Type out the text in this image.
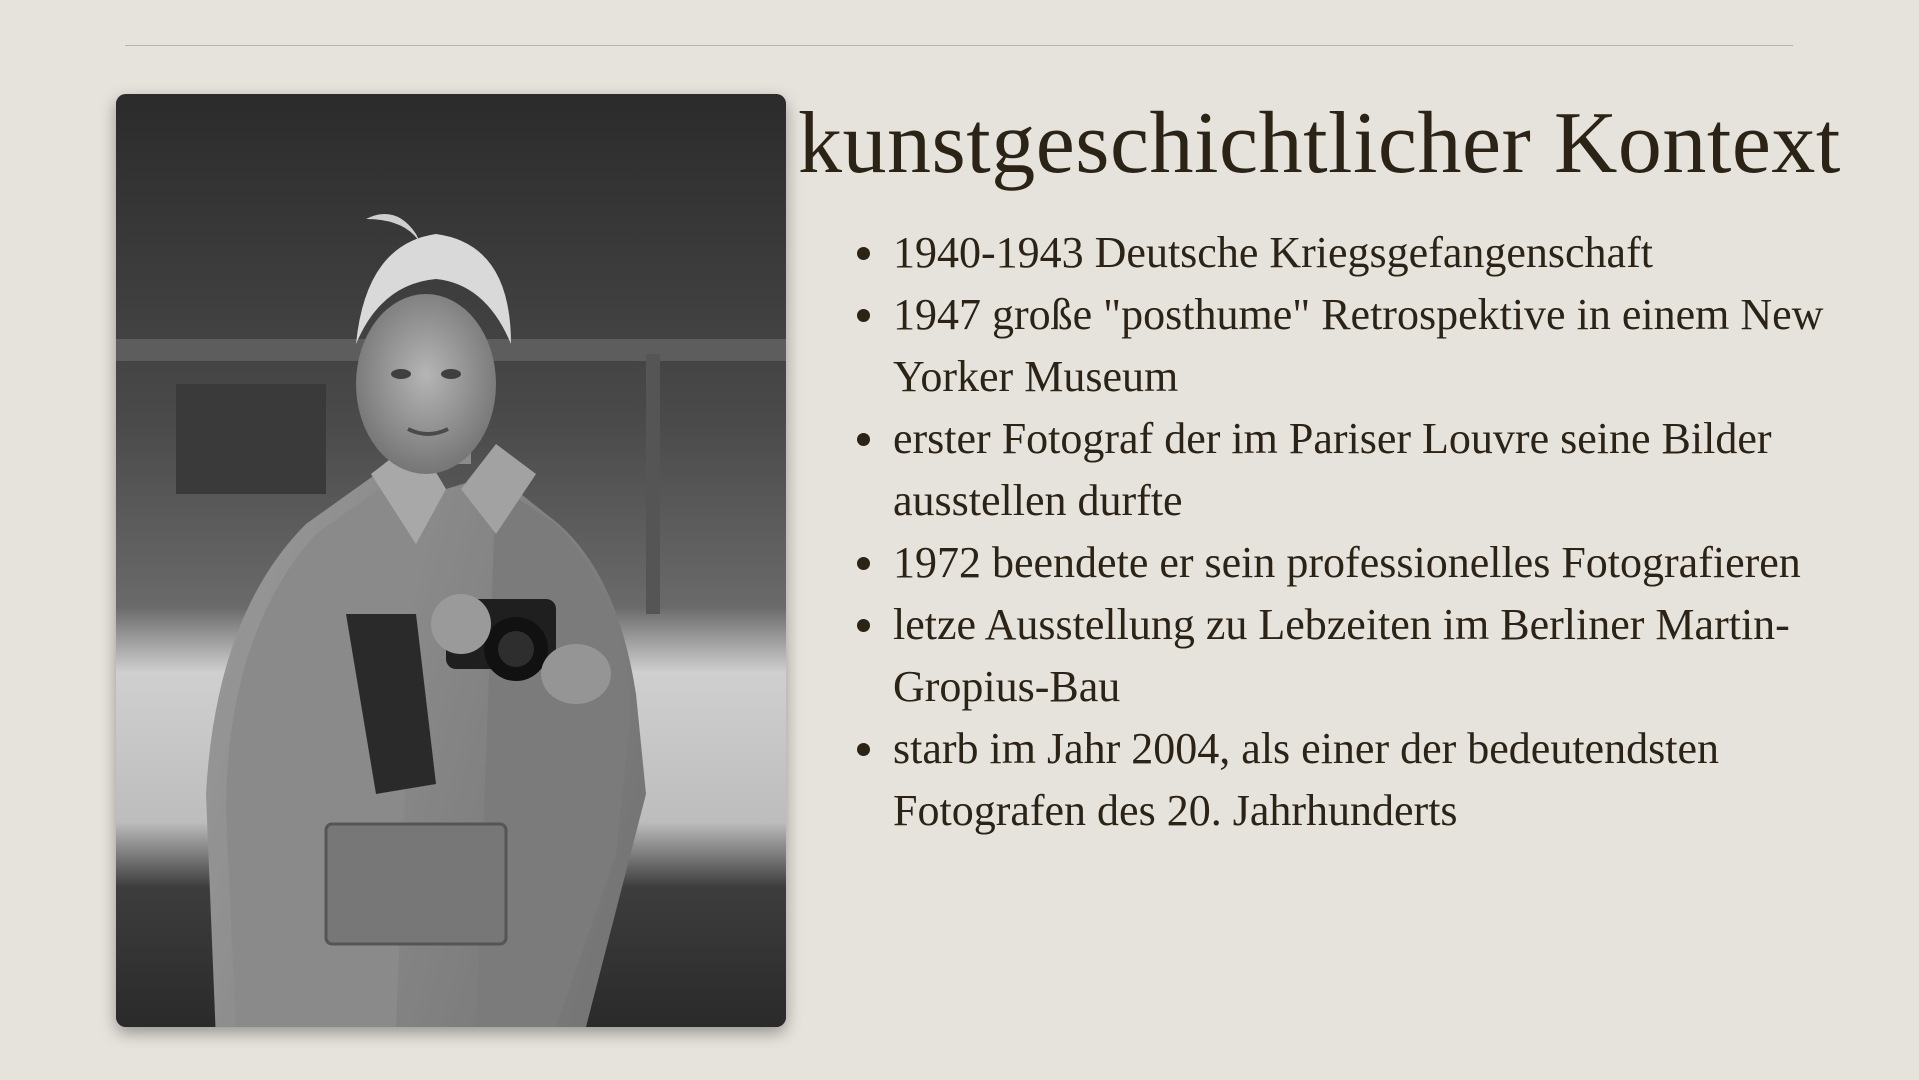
kunstgeschichtlicher Kontext
1940-1943 Deutsche Kriegsgefangenschaft
1947 große "posthume" Retrospektive in einem New Yorker Museum
erster Fotograf der im Pariser Louvre seine Bilder ausstellen durfte
1972 beendete er sein professionelles Fotografieren
letze Ausstellung zu Lebzeiten im Berliner Martin-Gropius-Bau
starb im Jahr 2004, als einer der bedeutendsten Fotografen des 20. Jahrhunderts
